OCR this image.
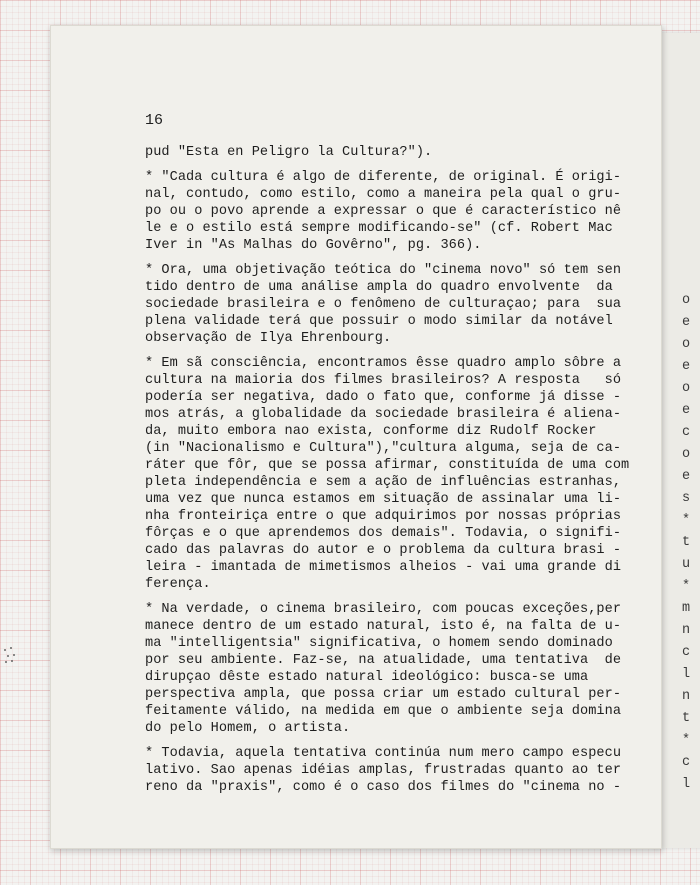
o
e
o
e
o
e
c
o
e
s
*
t
u
*
m
n
c
l
n
t
*
c
l
16
pud "Esta en Peligro la Cultura?").
* "Cada cultura é algo de diferente, de original. É origi-
nal, contudo, como estilo, como a maneira pela qual o gru-
po ou o povo aprende a expressar o que é característico nê
le e o estilo está sempre modificando-se" (cf. Robert Mac
Iver in "As Malhas do Govêrno", pg. 366).
* Ora, uma objetivação teótica do "cinema novo" só tem sen
tido dentro de uma análise ampla do quadro envolvente  da
sociedade brasileira e o fenômeno de culturaçao; para  sua
plena validade terá que possuir o modo similar da notável
observação de Ilya Ehrenbourg.
* Em sã consciência, encontramos êsse quadro amplo sôbre a
cultura na maioria dos filmes brasileiros? A resposta   só
podería ser negativa, dado o fato que, conforme já disse -
mos atrás, a globalidade da sociedade brasileira é aliena-
da, muito embora nao exista, conforme diz Rudolf Rocker
(in "Nacionalismo e Cultura"),"cultura alguma, seja de ca-
ráter que fôr, que se possa afirmar, constituída de uma com
pleta independência e sem a ação de influências estranhas,
uma vez que nunca estamos em situação de assinalar uma li-
nha fronteiriça entre o que adquirimos por nossas próprias
fôrças e o que aprendemos dos demais". Todavia, o signifi-
cado das palavras do autor e o problema da cultura brasi -
leira - imantada de mimetismos alheios - vai uma grande di
ferença.
* Na verdade, o cinema brasileiro, com poucas exceções,per
manece dentro de um estado natural, isto é, na falta de u-
ma "intelligentsia" significativa, o homem sendo dominado
por seu ambiente. Faz-se, na atualidade, uma tentativa  de
dirupçao dêste estado natural ideológico: busca-se uma
perspectiva ampla, que possa criar um estado cultural per-
feitamente válido, na medida em que o ambiente seja domina
do pelo Homem, o artista.
* Todavia, aquela tentativa continúa num mero campo especu
lativo. Sao apenas idéias amplas, frustradas quanto ao ter
reno da "praxis", como é o caso dos filmes do "cinema no -
